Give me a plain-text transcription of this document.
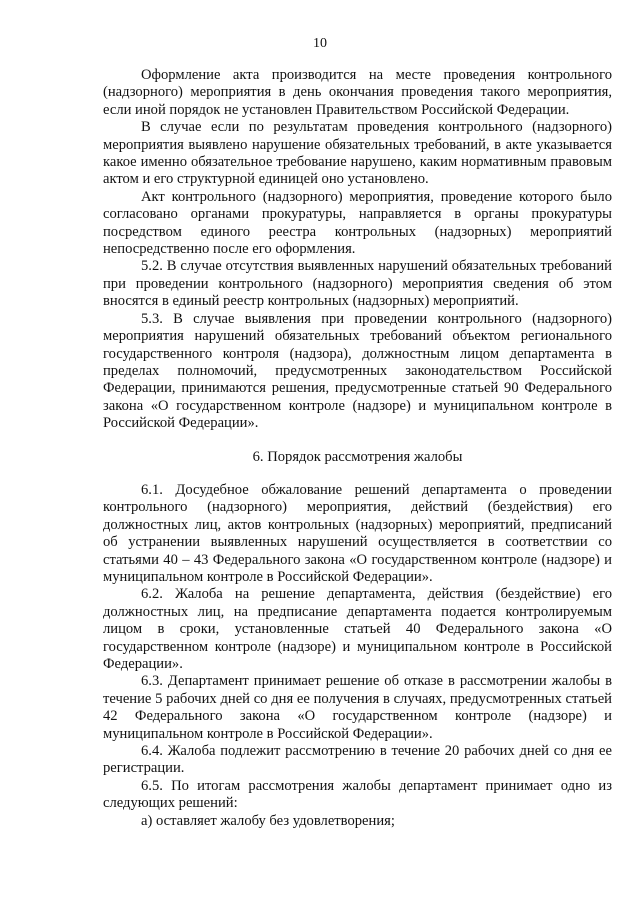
10

Оформление акта производится на месте проведения контрольного (надзорного) мероприятия в день окончания проведения такого мероприятия, если иной порядок не установлен Правительством Российской Федерации.

В случае если по результатам проведения контрольного (надзорного) мероприятия выявлено нарушение обязательных требований, в акте указывается какое именно обязательное требование нарушено, каким нормативным правовым актом и его структурной единицей оно установлено.

Акт контрольного (надзорного) мероприятия, проведение которого было согласовано органами прокуратуры, направляется в органы прокуратуры посредством единого реестра контрольных (надзорных) мероприятий непосредственно после его оформления.

5.2. В случае отсутствия выявленных нарушений обязательных требований при проведении контрольного (надзорного) мероприятия сведения об этом вносятся в единый реестр контрольных (надзорных) мероприятий.

5.3. В случае выявления при проведении контрольного (надзорного) мероприятия нарушений обязательных требований объектом регионального государственного контроля (надзора), должностным лицом департамента в пределах полномочий, предусмотренных законодательством Российской Федерации, принимаются решения, предусмотренные статьей 90 Федерального закона «О государственном контроле (надзоре) и муниципальном контроле в Российской Федерации».

6. Порядок рассмотрения жалобы

6.1. Досудебное обжалование решений департамента о проведении контрольного (надзорного) мероприятия, действий (бездействия) его должностных лиц, актов контрольных (надзорных) мероприятий, предписаний об устранении выявленных нарушений осуществляется в соответствии со статьями 40 – 43 Федерального закона «О государственном контроле (надзоре) и муниципальном контроле в Российской Федерации».

6.2. Жалоба на решение департамента, действия (бездействие) его должностных лиц, на предписание департамента подается контролируемым лицом в сроки, установленные статьей 40 Федерального закона «О государственном контроле (надзоре) и муниципальном контроле в Российской Федерации».

6.3. Департамент принимает решение об отказе в рассмотрении жалобы в течение 5 рабочих дней со дня ее получения в случаях, предусмотренных статьей 42 Федерального закона «О государственном контроле (надзоре) и муниципальном контроле в Российской Федерации».

6.4. Жалоба подлежит рассмотрению в течение 20 рабочих дней со дня ее регистрации.

6.5. По итогам рассмотрения жалобы департамент принимает одно из следующих решений:

а) оставляет жалобу без удовлетворения;
